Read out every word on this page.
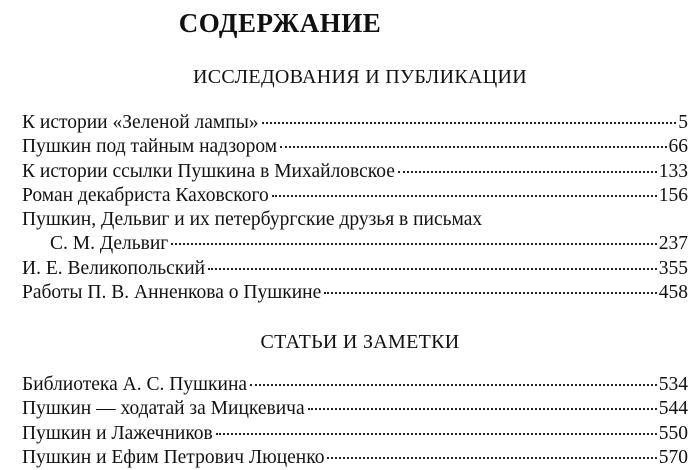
СОДЕРЖАНИЕ
ИССЛЕДОВАНИЯ И ПУБЛИКАЦИИ
К истории «Зеленой лампы»	5
Пушкин под тайным надзором	66
К истории ссылки Пушкина в Михайловское	133
Роман декабриста Каховского	156
Пушкин, Дельвиг и их петербургские друзья в письмах
С. М. Дельвиг	237
И. Е. Великопольский	355
Работы П. В. Анненкова о Пушкине	458
СТАТЬИ И ЗАМЕТКИ
Библиотека А. С. Пушкина	534
Пушкин — ходатай за Мицкевича	544
Пушкин и Лажечников	550
Пушкин и Ефим Петрович Люценко	570
